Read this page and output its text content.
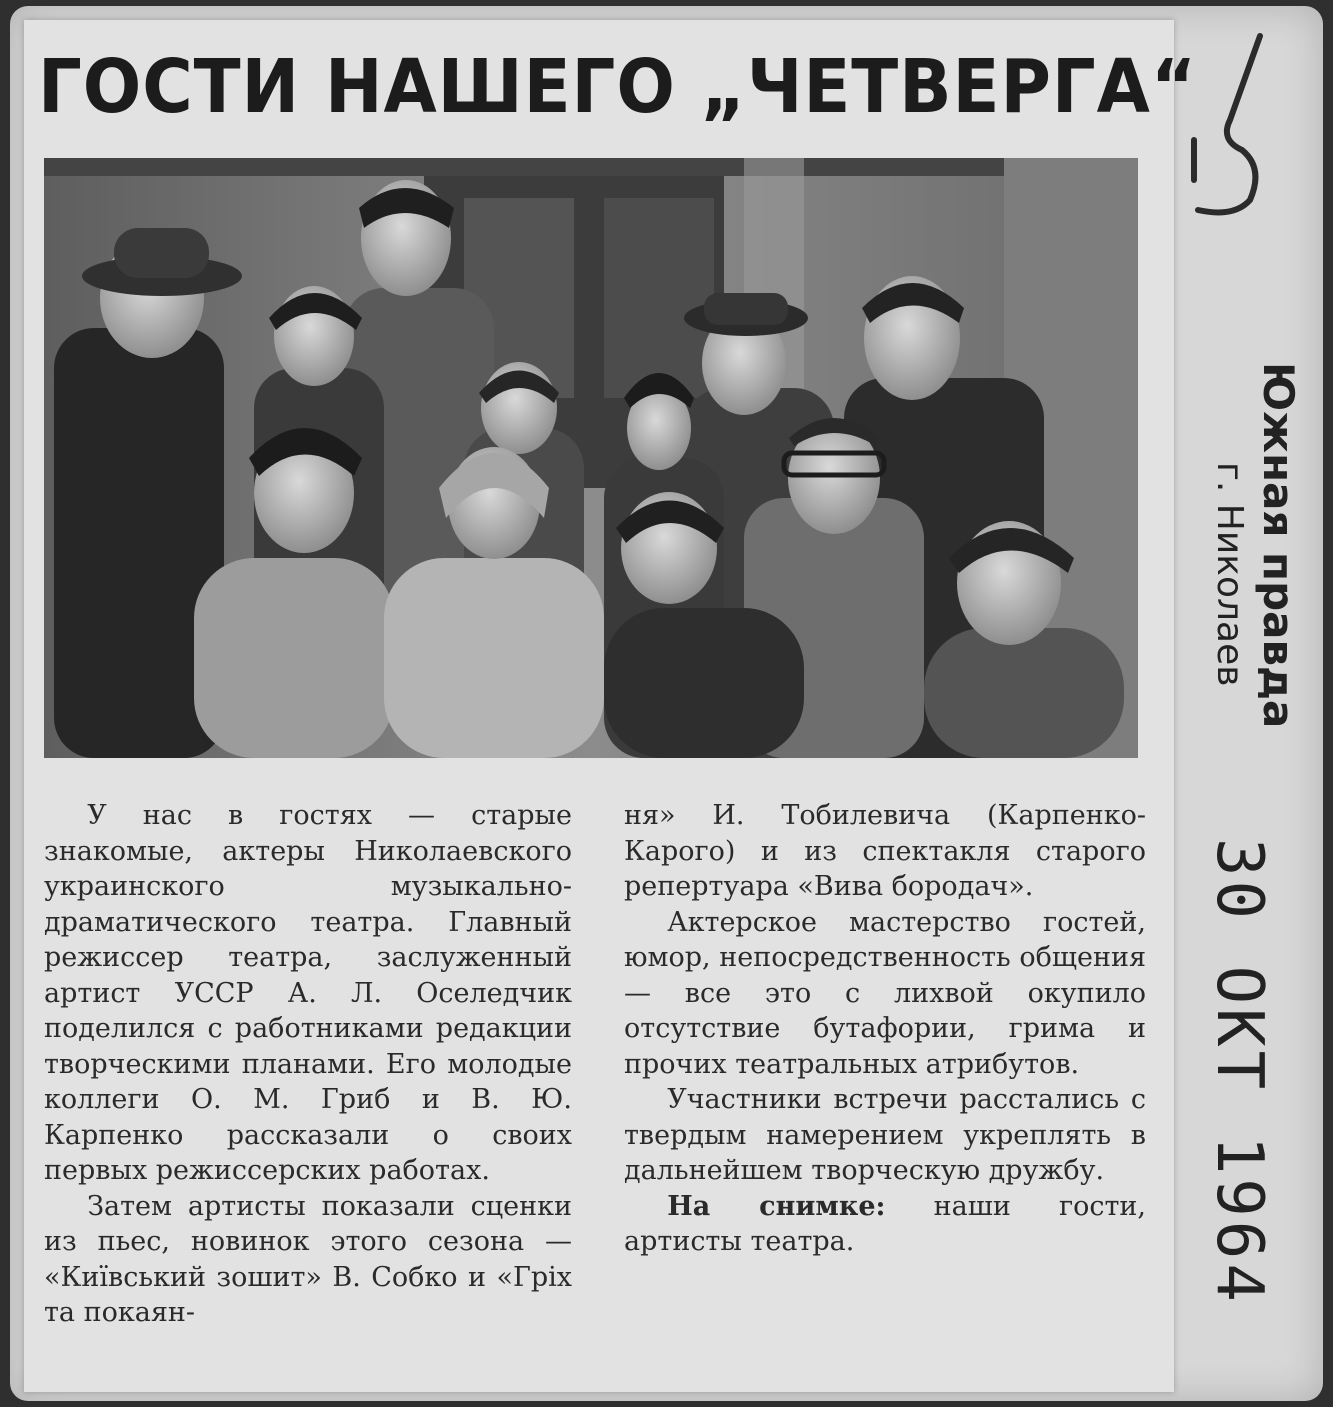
ГОСТИ НАШЕГО „ЧЕТВЕРГА“

У нас в гостях — старые знакомые, актеры Николаевского украинского музыкально-драматического театра. Главный режиссер театра, заслуженный артист УССР А. Л. Оселедчик поделился с работниками редакции творческими планами. Его молодые коллеги О. М. Гриб и В. Ю. Карпенко рассказали о своих первых режиссерских работах.

Затем артисты показали сценки из пьес, новинок этого сезона — «Київський зошит» В. Собко и «Гріх та покаян-

ня» И. Тобилевича (Карпенко-Карого) и из спектакля старого репертуара «Вива бородач».

Актерское мастерство гостей, юмор, непосредственность общения — все это с лихвой окупило отсутствие бутафории, грима и прочих театральных атрибутов.

Участники встречи расстались с твердым намерением укреплять в дальнейшем творческую дружбу.

На снимке: наши гости, артисты театра.

Южная правда
г. Николаев
30 ОКТ 1964
